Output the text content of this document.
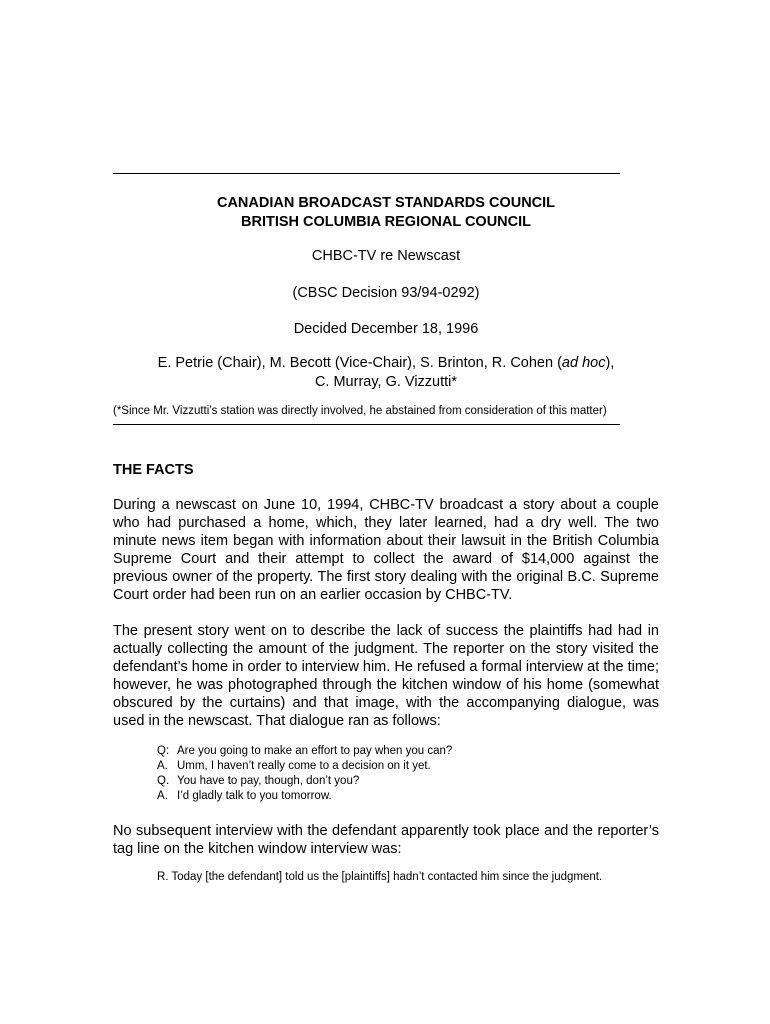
CANADIAN BROADCAST STANDARDS COUNCIL
BRITISH COLUMBIA REGIONAL COUNCIL
CHBC-TV re Newscast
(CBSC Decision 93/94-0292)
Decided December 18, 1996
E. Petrie (Chair), M. Becott (Vice-Chair), S. Brinton, R. Cohen (ad hoc),
C. Murray, G. Vizzutti*
(*Since Mr. Vizzutti’s station was directly involved, he abstained from consideration of this matter)
THE FACTS

During a newscast on June 10, 1994, CHBC-TV broadcast a story about a couple who had purchased a home, which, they later learned, had a dry well. The two minute news item began with information about their lawsuit in the British Columbia Supreme Court and their attempt to collect the award of $14,000 against the previous owner of the property. The first story dealing with the original B.C. Supreme Court order had been run on an earlier occasion by CHBC-TV.

The present story went on to describe the lack of success the plaintiffs had had in actually collecting the amount of the judgment. The reporter on the story visited the defendant’s home in order to interview him. He refused a formal interview at the time; however, he was photographed through the kitchen window of his home (somewhat obscured by the curtains) and that image, with the accompanying dialogue, was used in the newscast. That dialogue ran as follows:

Q: Are you going to make an effort to pay when you can?
A. Umm, I haven’t really come to a decision on it yet.
Q. You have to pay, though, don’t you?
A. I’d gladly talk to you tomorrow.

No subsequent interview with the defendant apparently took place and the reporter’s tag line on the kitchen window interview was:

R. Today [the defendant] told us the [plaintiffs] hadn’t contacted him since the judgment.
